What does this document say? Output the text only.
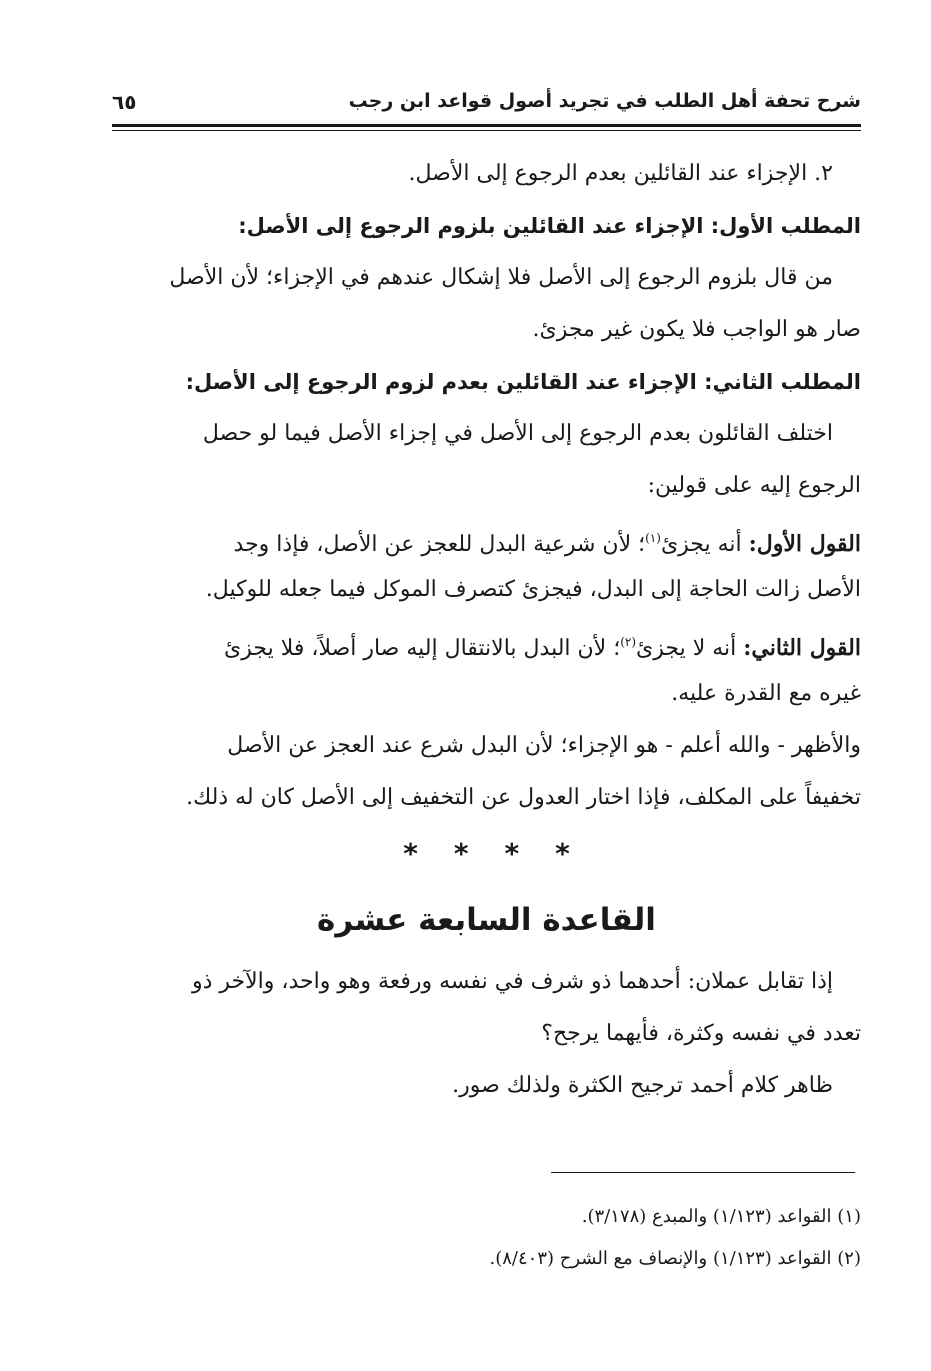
شرح تحفة أهل الطلب في تجريد أصول قواعد ابن رجب
٦٥
٢. الإجزاء عند القائلين بعدم الرجوع إلى الأصل.
المطلب الأول: الإجزاء عند القائلين بلزوم الرجوع إلى الأصل:
من قال بلزوم الرجوع إلى الأصل فلا إشكال عندهم في الإجزاء؛ لأن الأصل
صار هو الواجب فلا يكون غير مجزئ.
المطلب الثاني: الإجزاء عند القائلين بعدم لزوم الرجوع إلى الأصل:
اختلف القائلون بعدم الرجوع إلى الأصل في إجزاء الأصل فيما لو حصل
الرجوع إليه على قولين:
القول الأول: أنه يجزئ$^{(١)}$؛ لأن شرعية البدل للعجز عن الأصل، فإذا وجد
الأصل زالت الحاجة إلى البدل، فيجزئ كتصرف الموكل فيما جعله للوكيل.
القول الثاني: أنه لا يجزئ$^{(٢)}$؛ لأن البدل بالانتقال إليه صار أصلاً، فلا يجزئ
غيره مع القدرة عليه.
والأظهر - والله أعلم - هو الإجزاء؛ لأن البدل شرع عند العجز عن الأصل
تخفيفاً على المكلف، فإذا اختار العدول عن التخفيف إلى الأصل كان له ذلك.
****
القاعدة السابعة عشرة
إذا تقابل عملان: أحدهما ذو شرف في نفسه ورفعة وهو واحد، والآخر ذو
تعدد في نفسه وكثرة، فأيهما يرجح؟
ظاهر كلام أحمد ترجيح الكثرة ولذلك صور.
(١) القواعد (١/١٢٣) والمبدع (٣/١٧٨).
(٢) القواعد (١/١٢٣) والإنصاف مع الشرح (٨/٤٠٣).
